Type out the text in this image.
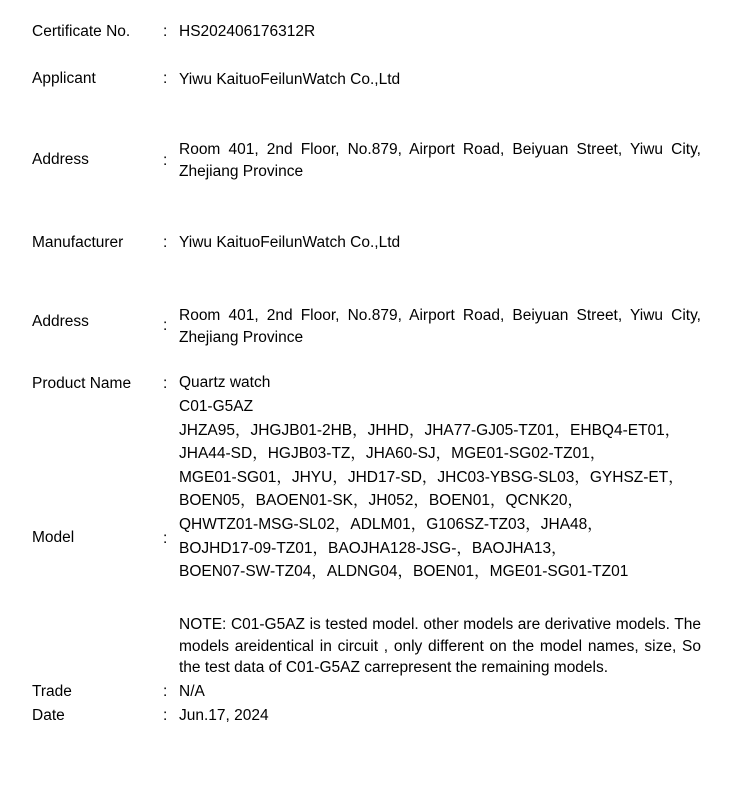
Certificate No. : HS202406176312R
Applicant	: Yiwu KaituoFeilunWatch Co.,Ltd
Address	:
Room 401, 2nd Floor, No.879, Airport Road, Beiyuan Street, Yiwu City, Zhejiang Province
Manufacturer	: Yiwu KaituoFeilunWatch Co.,Ltd
Address	:
Room 401, 2nd Floor, No.879, Airport Road, Beiyuan Street, Yiwu City, Zhejiang Province
Product Name : Quartz watch
Model	:
C01-G5AZ
JHZA95，JHGJB01-2HB，JHHD，JHA77-GJ05-TZ01，EHBQ4-ET01，
JHA44-SD，HGJB03-TZ，JHA60-SJ，MGE01-SG02-TZ01，
MGE01-SG01，JHYU，JHD17-SD，JHC03-YBSG-SL03，GYHSZ-ET，
BOEN05，BAOEN01-SK，JH052，BOEN01，QCNK20，
QHWTZ01-MSG-SL02，ADLM01，G106SZ-TZ03，JHA48，
BOJHD17-09-TZ01，BAOJHA128-JSG-，BAOJHA13，
BOEN07-SW-TZ04，ALDNG04，BOEN01，MGE01-SG01-TZ01
NOTE: C01-G5AZ is tested model. other models are derivative models. The models areidentical in circuit , only different on the model names, size, So the test data of C01-G5AZ carrepresent the remaining models.
Trade	: N/A
Date	: Jun.17, 2024
